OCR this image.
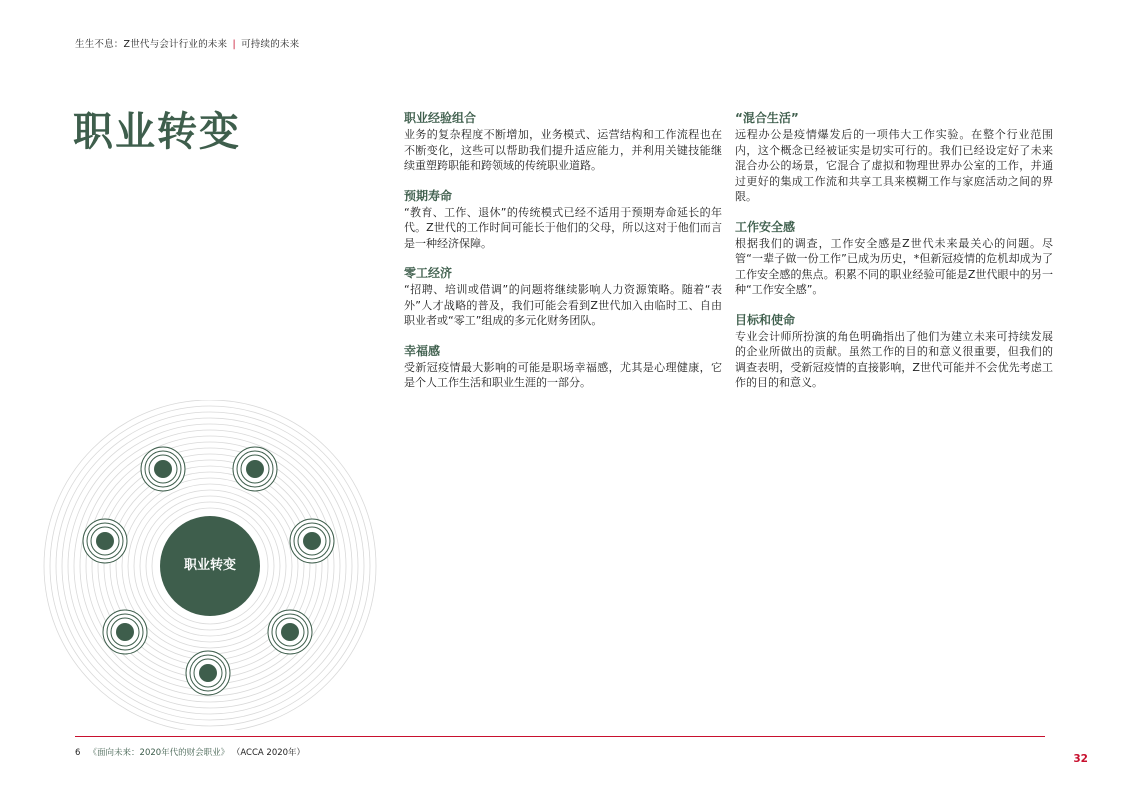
生生不息：Z世代与会计行业的未来 | 可持续的未来
职业转变	职业经验组合

业务的复杂程度不断增加，业务模式、运营结构和工作流程也在不断变化，这些可以帮助我们提升适应能力，并利用关键技能继续重塑跨职能和跨领域的传统职业道路。

预期寿命

“教育、工作、退休”的传统模式已经不适用于预期寿命延长的年代。Z世代的工作时间可能长于他们的父母，所以这对于他们而言是一种经济保障。

零工经济

“招聘、培训或借调”的问题将继续影响人力资源策略。随着“表外”人才战略的普及，我们可能会看到Z世代加入由临时工、自由职业者或“零工”组成的多元化财务团队。

幸福感

受新冠疫情最大影响的可能是职场幸福感，尤其是心理健康，它是个人工作生活和职业生涯的一部分。

“混合生活”

远程办公是疫情爆发后的一项伟大工作实验。在整个行业范围内，这个概念已经被证实是切实可行的。我们已经设定好了未来混合办公的场景，它混合了虚拟和物理世界办公室的工作，并通过更好的集成工作流和共享工具来模糊工作与家庭活动之间的界限。

工作安全感

根据我们的调查，工作安全感是Z世代未来最关心的问题。尽管“一辈子做一份工作”已成为历史，*但新冠疫情的危机却成为了工作安全感的焦点。积累不同的职业经验可能是Z世代眼中的另一种“工作安全感”。

目标和使命

专业会计师所扮演的角色明确指出了他们为建立未来可持续发展的企业所做出的贡献。虽然工作的目的和意义很重要，但我们的调查表明，受新冠疫情的直接影响，Z世代可能并不会优先考虑工作的目的和意义。

职业转变
6 《面向未来：2020年代的财会职业》 （ACCA 2020年）	32
